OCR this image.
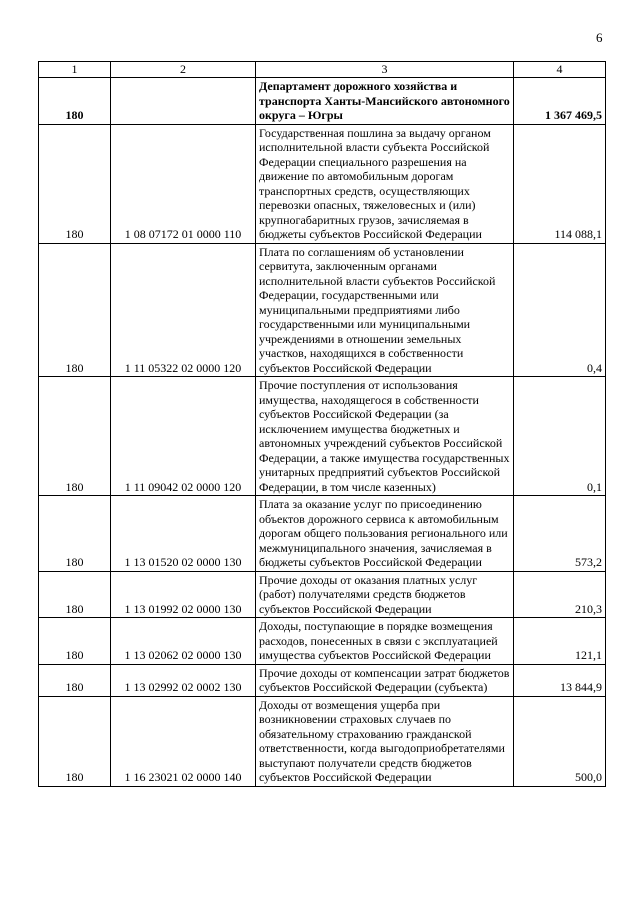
6
1	2	3	4
180		Департамент дорожного хозяйства и транспорта Ханты-Мансийского автономного округа – Югры	1 367 469,5
180	1 08 07172 01 0000 110	Государственная пошлина за выдачу органом исполнительной власти субъекта Российской Федерации специального разрешения на движение по автомобильным дорогам транспортных средств, осуществляющих перевозки опасных, тяжеловесных и (или) крупногабаритных грузов, зачисляемая в бюджеты субъектов Российской Федерации	114 088,1
180	1 11 05322 02 0000 120	Плата по соглашениям об установлении сервитута, заключенным органами исполнительной власти субъектов Российской Федерации, государственными или муниципальными предприятиями либо государственными или муниципальными учреждениями в отношении земельных участков, находящихся в собственности субъектов Российской Федерации	0,4
180	1 11 09042 02 0000 120	Прочие поступления от использования имущества, находящегося в собственности субъектов Российской Федерации (за исключением имущества бюджетных и автономных учреждений субъектов Российской Федерации, а также имущества государственных унитарных предприятий субъектов Российской Федерации, в том числе казенных)	0,1
180	1 13 01520 02 0000 130	Плата за оказание услуг по присоединению объектов дорожного сервиса к автомобильным дорогам общего пользования регионального или межмуниципального значения, зачисляемая в бюджеты субъектов Российской Федерации	573,2
180	1 13 01992 02 0000 130	Прочие доходы от оказания платных услуг (работ) получателями средств бюджетов субъектов Российской Федерации	210,3
180	1 13 02062 02 0000 130	Доходы, поступающие в порядке возмещения расходов, понесенных в связи с эксплуатацией имущества субъектов Российской Федерации	121,1
180	1 13 02992 02 0002 130	Прочие доходы от компенсации затрат бюджетов субъектов Российской Федерации (субъекта)	13 844,9
180	1 16 23021 02 0000 140	Доходы от возмещения ущерба при возникновении страховых случаев по обязательному страхованию гражданской ответственности, когда выгодоприобретателями выступают получатели средств бюджетов субъектов Российской Федерации	500,0
